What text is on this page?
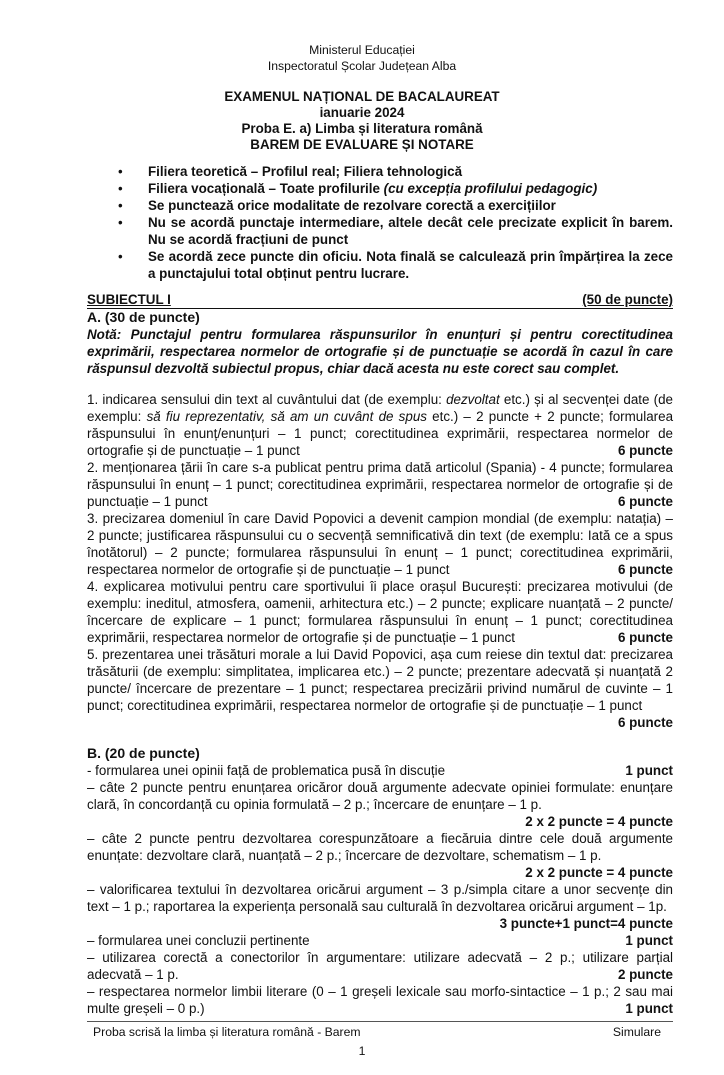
Ministerul Educației
Inspectoratul Școlar Județean Alba
EXAMENUL NAȚIONAL DE BACALAUREAT
ianuarie 2024
Proba E. a) Limba și literatura română
BAREM DE EVALUARE ȘI NOTARE
• Filiera teoretică – Profilul real; Filiera tehnologică
• Filiera vocațională – Toate profilurile (cu excepția profilului pedagogic)
• Se punctează orice modalitate de rezolvare corectă a exercițiilor
• Nu se acordă punctaje intermediare, altele decât cele precizate explicit în barem. Nu se acordă fracțiuni de punct
• Se acordă zece puncte din oficiu. Nota finală se calculează prin împărțirea la zece a punctajului total obținut pentru lucrare.
SUBIECTUL I	(50 de puncte)
A. (30 de puncte)
Notă: Punctajul pentru formularea răspunsurilor în enunțuri și pentru corectitudinea exprimării, respectarea normelor de ortografie și de punctuație se acordă în cazul în care răspunsul dezvoltă subiectul propus, chiar dacă acesta nu este corect sau complet.
1. indicarea sensului din text al cuvântului dat (de exemplu: dezvoltat etc.) și al secvenței date (de exemplu: să fiu reprezentativ, să am un cuvânt de spus etc.) – 2 puncte + 2 puncte; formularea răspunsului în enunț/enunțuri – 1 punct; corectitudinea exprimării, respectarea normelor de ortografie și de punctuație – 1 punct	6 puncte
2. menționarea țării în care s-a publicat pentru prima dată articolul (Spania) - 4 puncte; formularea răspunsului în enunț – 1 punct; corectitudinea exprimării, respectarea normelor de ortografie și de punctuație – 1 punct	6 puncte
3. precizarea domeniul în care David Popovici a devenit campion mondial (de exemplu: natația) – 2 puncte; justificarea răspunsului cu o secvență semnificativă din text (de exemplu: Iată ce a spus înotătorul) – 2 puncte; formularea răspunsului în enunț – 1 punct; corectitudinea exprimării, respectarea normelor de ortografie și de punctuație – 1 punct	6 puncte
4. explicarea motivului pentru care sportivului îi place orașul București: precizarea motivului (de exemplu: ineditul, atmosfera, oamenii, arhitectura etc.) – 2 puncte; explicare nuanțată – 2 puncte/încercare de explicare – 1 punct; formularea răspunsului în enunț – 1 punct; corectitudinea exprimării, respectarea normelor de ortografie și de punctuație – 1 punct	6 puncte
5. prezentarea unei trăsături morale a lui David Popovici, așa cum reiese din textul dat: precizarea trăsăturii (de exemplu: simplitatea, implicarea etc.) – 2 puncte; prezentare adecvată și nuanțată 2 puncte/ încercare de prezentare – 1 punct; respectarea precizării privind numărul de cuvinte – 1 punct; corectitudinea exprimării, respectarea normelor de ortografie și de punctuație – 1 punct
6 puncte
B. (20 de puncte)
- formularea unei opinii față de problematica pusă în discuție	1 punct
– câte 2 puncte pentru enunțarea oricăror două argumente adecvate opiniei formulate: enunțare clară, în concordanță cu opinia formulată – 2 p.; încercare de enunțare – 1 p.
2 x 2 puncte = 4 puncte
– câte 2 puncte pentru dezvoltarea corespunzătoare a fiecăruia dintre cele două argumente enunțate: dezvoltare clară, nuanțată – 2 p.; încercare de dezvoltare, schematism – 1 p.
2 x 2 puncte = 4 puncte
– valorificarea textului în dezvoltarea oricărui argument – 3 p./simpla citare a unor secvențe din text – 1 p.; raportarea la experiența personală sau culturală în dezvoltarea oricărui argument – 1p.
3 puncte+1 punct=4 puncte
– formularea unei concluzii pertinente	1 punct
– utilizarea corectă a conectorilor în argumentare: utilizare adecvată – 2 p.; utilizare parțial adecvată – 1 p.	2 puncte
– respectarea normelor limbii literare (0 – 1 greșeli lexicale sau morfo-sintactice – 1 p.; 2 sau mai multe greșeli – 0 p.)	1 punct
Proba scrisă la limba și literatura română - Barem	Simulare
1
